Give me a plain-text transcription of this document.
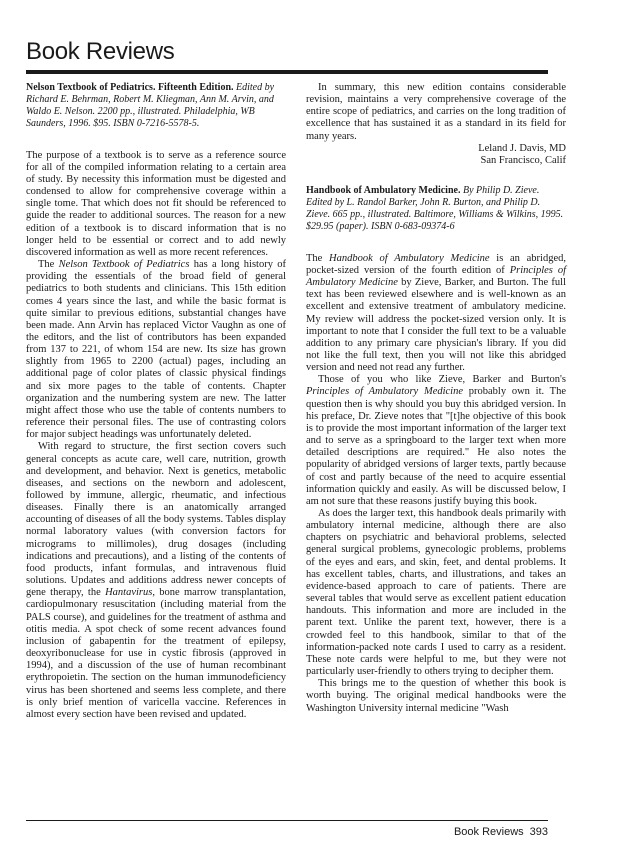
Book Reviews
Nelson Textbook of Pediatrics. Fifteenth Edition. Edited by Richard E. Behrman, Robert M. Kliegman, Ann M. Arvin, and Waldo E. Nelson. 2200 pp., illustrated. Philadelphia, WB Saunders, 1996. $95. ISBN 0-7216-5578-5.

The purpose of a textbook is to serve as a reference source for all of the compiled information relating to a certain area of study. By necessity this information must be digested and condensed to allow for comprehensive coverage within a single tome. That which does not fit should be referenced to guide the reader to additional sources. The reason for a new edition of a textbook is to discard information that is no longer held to be essential or correct and to add newly discovered information as well as more recent references.

The Nelson Textbook of Pediatrics has a long history of providing the essentials of the broad field of general pediatrics to both students and clinicians. This 15th edition comes 4 years since the last, and while the basic format is quite similar to previous editions, substantial changes have been made. Ann Arvin has replaced Victor Vaughn as one of the editors, and the list of contributors has been expanded from 137 to 221, of whom 154 are new. Its size has grown slightly from 1965 to 2200 (actual) pages, including an additional page of color plates of classic physical findings and six more pages to the table of contents. Chapter organization and the numbering system are new. The latter might affect those who use the table of contents numbers to reference their personal files. The use of contrasting colors for major subject headings was unfortunately deleted.

With regard to structure, the first section covers such general concepts as acute care, well care, nutrition, growth and development, and behavior. Next is genetics, metabolic diseases, and sections on the newborn and adolescent, followed by immune, allergic, rheumatic, and infectious diseases. Finally there is an anatomically arranged accounting of diseases of all the body systems. Tables display normal laboratory values (with conversion factors for micrograms to millimoles), drug dosages (including indications and precautions), and a listing of the contents of food products, infant formulas, and intravenous fluid solutions. Updates and additions address newer concepts of gene therapy, the Hantavirus, bone marrow transplantation, cardiopulmonary resuscitation (including material from the PALS course), and guidelines for the treatment of asthma and otitis media. A spot check of some recent advances found inclusion of gabapentin for the treatment of epilepsy, deoxyribonuclease for use in cystic fibrosis (approved in 1994), and a discussion of the use of human recombinant erythropoietin. The section on the human immunodeficiency virus has been shortened and seems less complete, and there is only brief mention of varicella vaccine. References in almost every section have been revised and updated.

In summary, this new edition contains considerable revision, maintains a very comprehensive coverage of the entire scope of pediatrics, and carries on the long tradition of excellence that has sustained it as a standard in its field for many years.

Leland J. Davis, MD

San Francisco, Calif

Handbook of Ambulatory Medicine. By Philip D. Zieve. Edited by L. Randol Barker, John R. Burton, and Philip D. Zieve. 665 pp., illustrated. Baltimore, Williams & Wilkins, 1995. $29.95 (paper). ISBN 0-683-09374-6

The Handbook of Ambulatory Medicine is an abridged, pocket-sized version of the fourth edition of Principles of Ambulatory Medicine by Zieve, Barker, and Burton. The full text has been reviewed elsewhere and is well-known as an excellent and extensive treatment of ambulatory medicine. My review will address the pocket-sized version only. It is important to note that I consider the full text to be a valuable addition to any primary care physician's library. If you did not like the full text, then you will not like this abridged version and need not read any further.

Those of you who like Zieve, Barker and Burton's Principles of Ambulatory Medicine probably own it. The question then is why should you buy this abridged version. In his preface, Dr. Zieve notes that "[t]he objective of this book is to provide the most important information of the larger text and to serve as a springboard to the larger text when more detailed descriptions are required." He also notes the popularity of abridged versions of larger texts, partly because of cost and partly because of the need to acquire essential information quickly and easily. As will be discussed below, I am not sure that these reasons justify buying this book.

As does the larger text, this handbook deals primarily with ambulatory internal medicine, although there are also chapters on psychiatric and behavioral problems, selected general surgical problems, gynecologic problems, problems of the eyes and ears, and skin, feet, and dental problems. It has excellent tables, charts, and illustrations, and takes an evidence-based approach to care of patients. There are several tables that would serve as excellent patient education handouts. This information and more are included in the parent text. Unlike the parent text, however, there is a crowded feel to this handbook, similar to that of the information-packed note cards I used to carry as a resident. These note cards were helpful to me, but they were not particularly user-friendly to others trying to decipher them.

This brings me to the question of whether this book is worth buying. The original medical handbooks were the Washington University internal medicine "Wash

Book Reviews 393
